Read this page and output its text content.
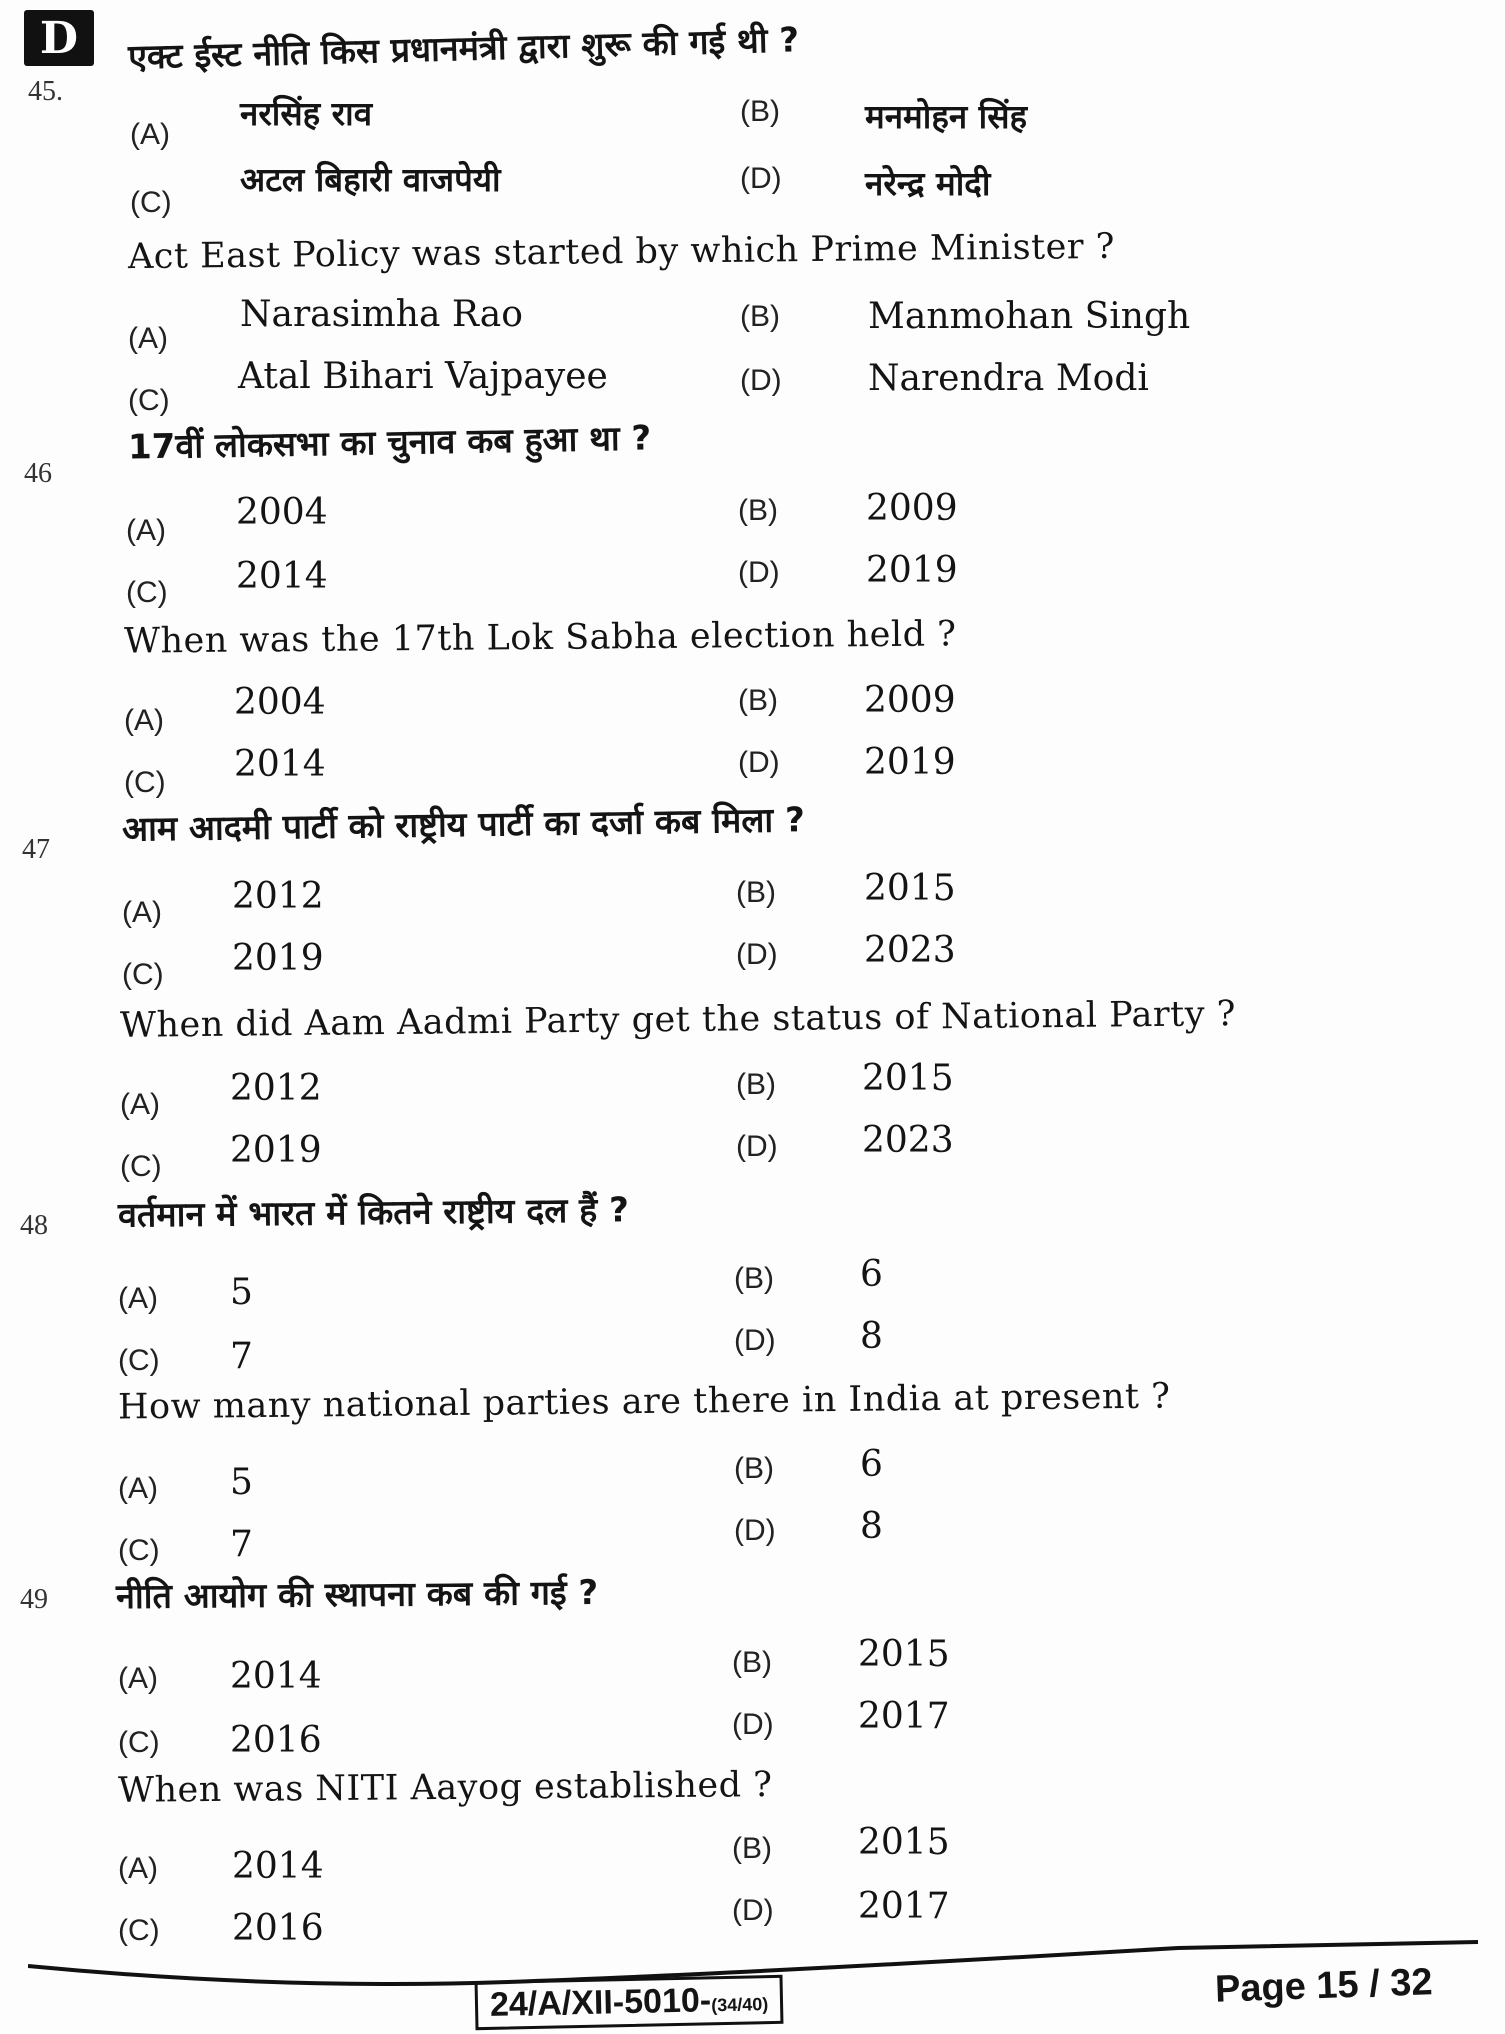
D
45.
एक्ट ईस्ट नीति किस प्रधानमंत्री द्वारा शुरू की गई थी ?
(A)
नरसिंह राव	(B)	मनमोहन सिंह
(C)
अटल बिहारी वाजपेयी	(D)	नरेन्द्र मोदी
Act East Policy was started by which Prime Minister ?
(A)
Narasimha Rao	(B) Manmohan Singh
(C)
Atal Bihari Vajpayee	(D) Narendra Modi
46
17वीं लोकसभा का चुनाव कब हुआ था ?
(A) 2004	(B) 2009
(C) 2014	(D) 2019
When was the 17th Lok Sabha election held ?
(A) 2004	(B) 2009
(C) 2014	(D) 2019
47 आम आदमी पार्टी को राष्ट्रीय पार्टी का दर्जा कब मिला ?
(A) 2012	(B) 2015
(C) 2019	(D) 2023
When did Aam Aadmi Party get the status of National Party ?
(A) 2012	(B) 2015
(C) 2019	(D) 2023
48 वर्तमान में भारत में कितने राष्ट्रीय दल हैं ?
(A) 5	(B) 6
(C) 7	(D) 8
How many national parties are there in India at present ?
(A) 5	(B) 6
(C) 7	(D) 8
49 नीति आयोग की स्थापना कब की गई ?
(A) 2014	(B) 2015
(C) 2016	(D) 2017
When was NITI Aayog established ?
(A) 2014	(B) 2015
(C) 2016	(D) 2017
24/A/XII-5010-(34/40)	Page 15 / 32
